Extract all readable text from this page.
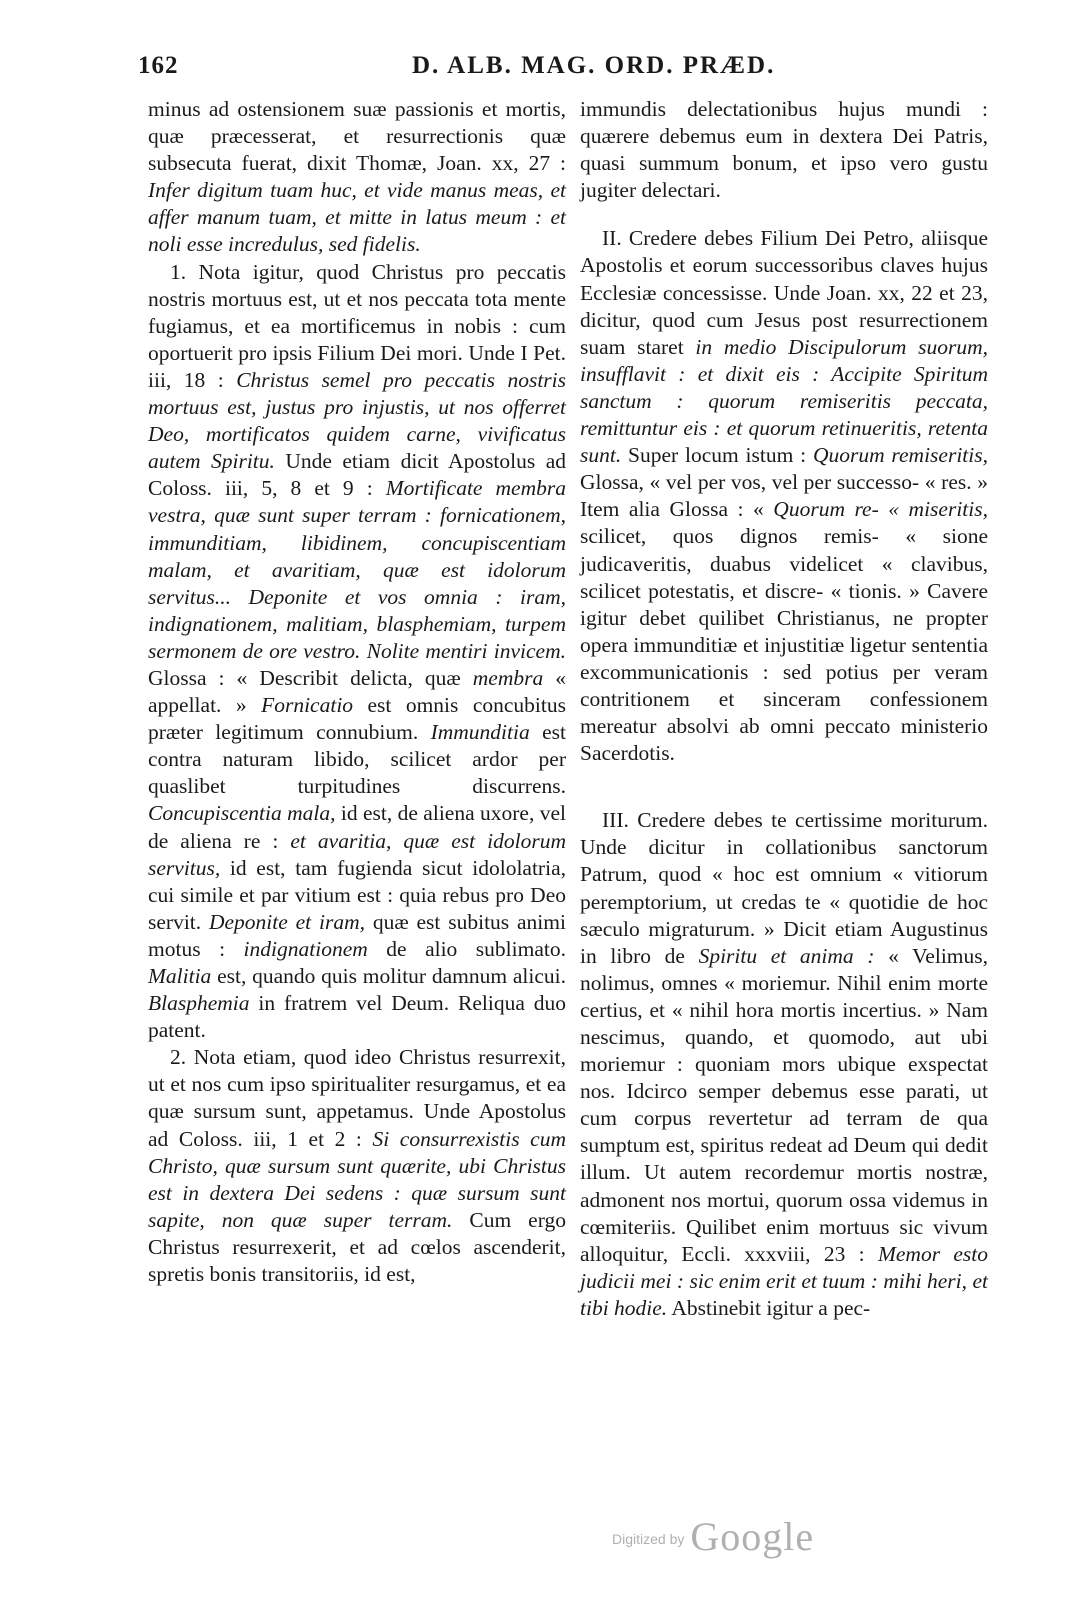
162	D. ALB. MAG. ORD. PRÆD.

minus ad ostensionem suæ passionis et mortis, quæ præcesserat, et resurrectionis quæ subsecuta fuerat, dixit Thomæ, Joan. xx, 27 : Infer digitum tuam huc, et vide manus meas, et affer manum tuam, et mitte in latus meum : et noli esse incredulus, sed fidelis.

1. Nota igitur, quod Christus pro peccatis nostris mortuus est, ut et nos peccata tota mente fugiamus, et ea mortificemus in nobis : cum oportuerit pro ipsis Filium Dei mori. Unde I Pet. iii, 18 : Christus semel pro peccatis nostris mortuus est, justus pro injustis, ut nos offerret Deo, mortificatos quidem carne, vivificatus autem Spiritu. Unde etiam dicit Apostolus ad Coloss. iii, 5, 8 et 9 : Mortificate membra vestra, quæ sunt super terram : fornicationem, immunditiam, libidinem, concupiscentiam malam, et avaritiam, quæ est idolorum servitus... Deponite et vos omnia : iram, indignationem, malitiam, blasphemiam, turpem sermonem de ore vestro. Nolite mentiri invicem. Glossa : « Describit delicta, quæ membra « appellat. » Fornicatio est omnis concubitus præter legitimum connubium. Immunditia est contra naturam libido, scilicet ardor per quaslibet turpitudines discurrens. Concupiscentia mala, id est, de aliena uxore, vel de aliena re : et avaritia, quæ est idolorum servitus, id est, tam fugienda sicut idololatria, cui simile et par vitium est : quia rebus pro Deo servit. Deponite et iram, quæ est subitus animi motus : indignationem de alio sublimato. Malitia est, quando quis molitur damnum alicui. Blasphemia in fratrem vel Deum. Reliqua duo patent.

2. Nota etiam, quod ideo Christus resurrexit, ut et nos cum ipso spiritualiter resurgamus, et ea quæ sursum sunt, appetamus. Unde Apostolus ad Coloss. iii, 1 et 2 : Si consurrexistis cum Christo, quæ sursum sunt quærite, ubi Christus est in dextera Dei sedens : quæ sursum sunt sapite, non quæ super terram. Cum ergo Christus resurrexerit, et ad cœlos ascenderit, spretis bonis transitoriis, id est,

immundis delectationibus hujus mundi : quærere debemus eum in dextera Dei Patris, quasi summum bonum, et ipso vero gustu jugiter delectari.

II. Credere debes Filium Dei Petro, aliisque Apostolis et eorum successoribus claves hujus Ecclesiæ concessisse. Unde Joan. xx, 22 et 23, dicitur, quod cum Jesus post resurrectionem suam staret in medio Discipulorum suorum, insufflavit : et dixit eis : Accipite Spiritum sanctum : quorum remiseritis peccata, remittuntur eis : et quorum retinueritis, retenta sunt. Super locum istum : Quorum remiseritis, Glossa, « vel per vos, vel per successo- « res. » Item alia Glossa : « Quorum re- « miseritis, scilicet, quos dignos remis- « sione judicaveritis, duabus videlicet « clavibus, scilicet potestatis, et discre- « tionis. » Cavere igitur debet quilibet Christianus, ne propter opera immunditiæ et injustitiæ ligetur sententia excommunicationis : sed potius per veram contritionem et sinceram confessionem mereatur absolvi ab omni peccato ministerio Sacerdotis.

III. Credere debes te certissime moriturum. Unde dicitur in collationibus sanctorum Patrum, quod « hoc est omnium « vitiorum peremptorium, ut credas te « quotidie de hoc sæculo migraturum. » Dicit etiam Augustinus in libro de Spiritu et anima : « Velimus, nolimus, omnes « moriemur. Nihil enim morte certius, et « nihil hora mortis incertius. » Nam nescimus, quando, et quomodo, aut ubi moriemur : quoniam mors ubique exspectat nos. Idcirco semper debemus esse parati, ut cum corpus revertetur ad terram de qua sumptum est, spiritus redeat ad Deum qui dedit illum. Ut autem recordemur mortis nostræ, admonent nos mortui, quorum ossa videmus in cœmiteriis. Quilibet enim mortuus sic vivum alloquitur, Eccli. xxxviii, 23 : Memor esto judicii mei : sic enim erit et tuum : mihi heri, et tibi hodie. Abstinebit igitur a pec-

Digitized by Google
